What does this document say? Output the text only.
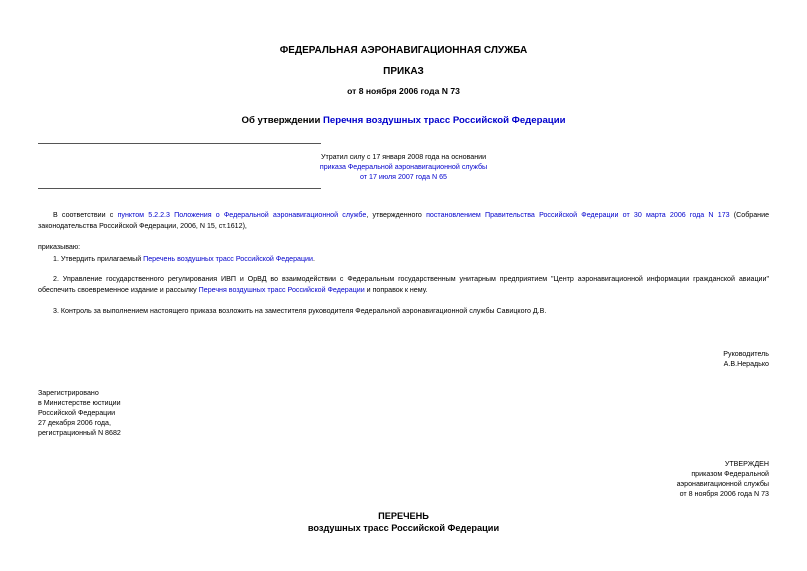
ФЕДЕРАЛЬНАЯ АЭРОНАВИГАЦИОННАЯ СЛУЖБА
ПРИКАЗ
от 8 ноября 2006 года N 73
Об утверждении Перечня воздушных трасс Российской Федерации
Утратил силу с 17 января 2008 года на основании
приказа Федеральной аэронавигационной службы
от 17 июля 2007 года N 65
В соответствии с пунктом 5.2.2.3 Положения о Федеральной аэронавигационной службе, утвержденного постановлением Правительства Российской Федерации от 30 марта 2006 года N 173 (Собрание законодательства Российской Федерации, 2006, N 15, ст.1612),
приказываю:
1. Утвердить прилагаемый Перечень воздушных трасс Российской Федерации.
2. Управление государственного регулирования ИВП и ОрВД во взаимодействии с Федеральным государственным унитарным предприятием "Центр аэронавигационной информации гражданской авиации" обеспечить своевременное издание и рассылку Перечня воздушных трасс Российской Федерации и поправок к нему.
3. Контроль за выполнением настоящего приказа возложить на заместителя руководителя Федеральной аэронавигационной службы Савицкого Д.В.
Руководитель
А.В.Нерадько
Зарегистрировано
в Министерстве юстиции
Российской Федерации
27 декабря 2006 года,
регистрационный N 8682
УТВЕРЖДЕН
приказом Федеральной
аэронавигационной службы
от 8 ноября 2006 года N 73
ПЕРЕЧЕНЬ
воздушных трасс Российской Федерации
